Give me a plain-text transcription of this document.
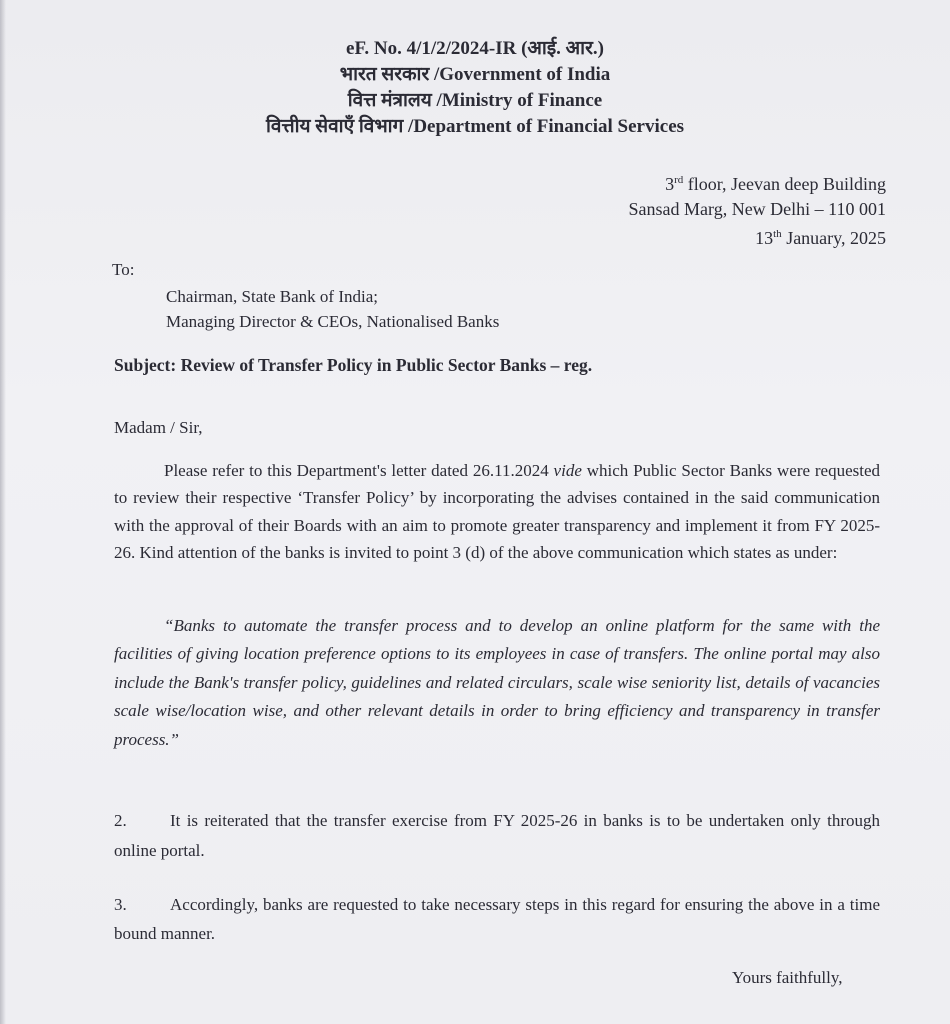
eF. No. 4/1/2/2024-IR (आई. आर.)
भारत सरकार /Government of India
वित्त मंत्रालय /Ministry of Finance
वित्तीय सेवाएँ विभाग /Department of Financial Services
3rd floor, Jeevan deep Building
Sansad Marg, New Delhi – 110 001
13th January, 2025
To:
Chairman, State Bank of India;
Managing Director & CEOs, Nationalised Banks
Subject: Review of Transfer Policy in Public Sector Banks – reg.
Madam / Sir,

Please refer to this Department's letter dated 26.11.2024 vide which Public Sector Banks were requested to review their respective ‘Transfer Policy’ by incorporating the advises contained in the said communication with the approval of their Boards with an aim to promote greater transparency and implement it from FY 2025-26. Kind attention of the banks is invited to point 3 (d) of the above communication which states as under:

“Banks to automate the transfer process and to develop an online platform for the same with the facilities of giving location preference options to its employees in case of transfers. The online portal may also include the Bank's transfer policy, guidelines and related circulars, scale wise seniority list, details of vacancies scale wise/location wise, and other relevant details in order to bring efficiency and transparency in transfer process.”

2.	It is reiterated that the transfer exercise from FY 2025-26 in banks is to be undertaken only through online portal.

3.	Accordingly, banks are requested to take necessary steps in this regard for ensuring the above in a time bound manner.

Yours faithfully,
